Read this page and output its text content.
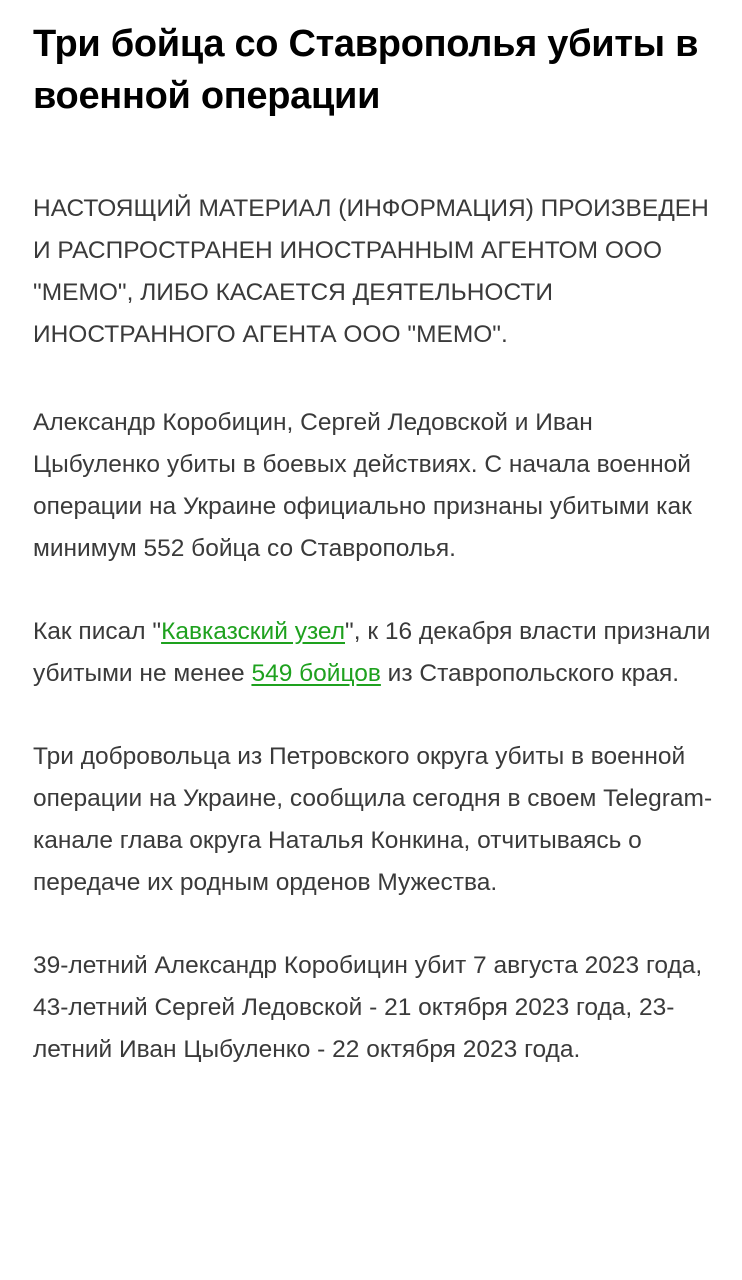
Три бойца со Ставрополья убиты в военной операции

НАСТОЯЩИЙ МАТЕРИАЛ (ИНФОРМАЦИЯ) ПРОИЗВЕДЕН И РАСПРОСТРАНЕН ИНОСТРАННЫМ АГЕНТОМ ООО "МЕМО", ЛИБО КАСАЕТСЯ ДЕЯТЕЛЬНОСТИ ИНОСТРАННОГО АГЕНТА ООО "МЕМО".

Александр Коробицин, Сергей Ледовской и Иван Цыбуленко убиты в боевых действиях. С начала военной операции на Украине официально признаны убитыми как минимум 552 бойца со Ставрополья.

Как писал "Кавказский узел", к 16 декабря власти признали убитыми не менее 549 бойцов из Ставропольского края.

Три добровольца из Петровского округа убиты в военной операции на Украине, сообщила сегодня в своем Telegram-канале глава округа Наталья Конкина, отчитываясь о передаче их родным орденов Мужества.

39-летний Александр Коробицин убит 7 августа 2023 года, 43-летний Сергей Ледовской - 21 октября 2023 года, 23-летний Иван Цыбуленко - 22 октября 2023 года.
